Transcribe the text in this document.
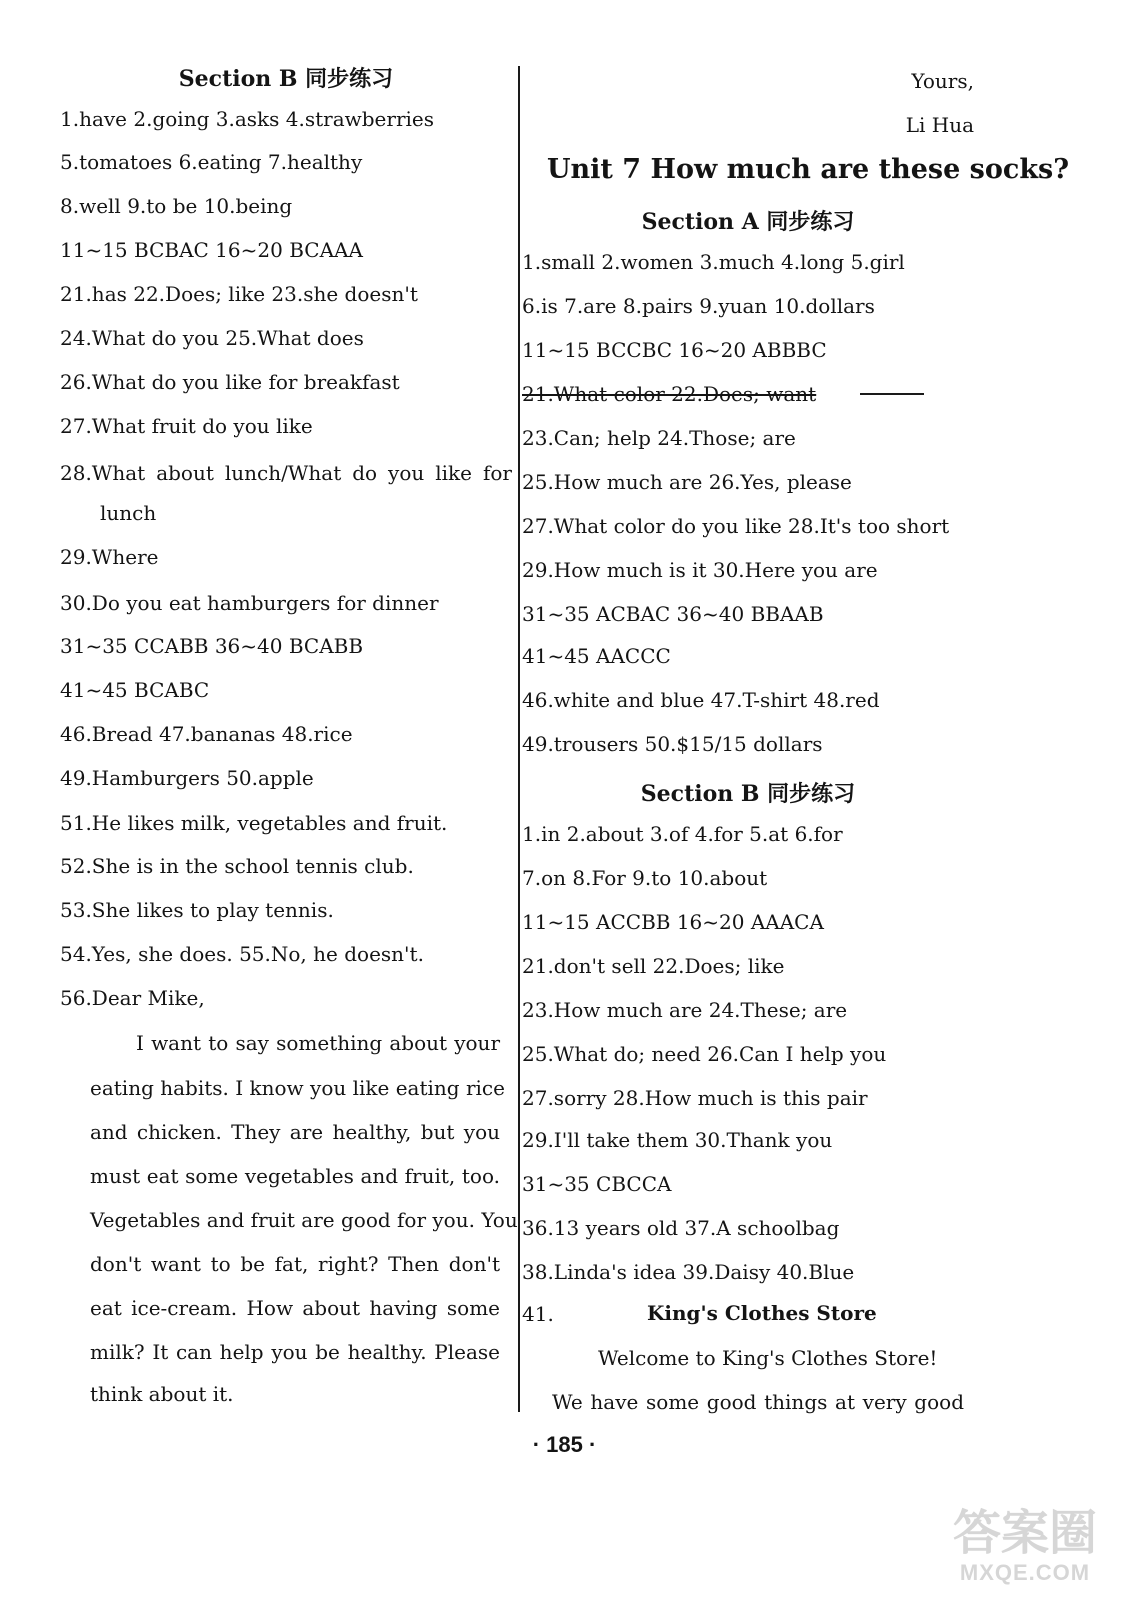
Section B 同步练习
1.have 2.going 3.asks 4.strawberries
5.tomatoes 6.eating 7.healthy
8.well 9.to be 10.being
11~15 BCBAC 16~20 BCAAA
21.has 22.Does; like 23.she doesn't
24.What do you 25.What does
26.What do you like for breakfast
27.What fruit do you like
28.What about lunch/What do you like for
lunch
29.Where
30.Do you eat hamburgers for dinner
31~35 CCABB 36~40 BCABB
41~45 BCABC
46.Bread 47.bananas 48.rice
49.Hamburgers 50.apple
51.He likes milk, vegetables and fruit.
52.She is in the school tennis club.
53.She likes to play tennis.
54.Yes, she does. 55.No, he doesn't.
56.Dear Mike,
I want to say something about your
eating habits. I know you like eating rice
and chicken. They are healthy, but you
must eat some vegetables and fruit, too.
Vegetables and fruit are good for you. You
don't want to be fat, right? Then don't
eat ice-cream. How about having some
milk? It can help you be healthy. Please
think about it.
Yours,
Li Hua
Unit 7 How much are these socks?
Section A 同步练习
1.small 2.women 3.much 4.long 5.girl
6.is 7.are 8.pairs 9.yuan 10.dollars
11~15 BCCBC 16~20 ABBBC
21.What color 22.Does; want
23.Can; help 24.Those; are
25.How much are 26.Yes, please
27.What color do you like 28.It's too short
29.How much is it 30.Here you are
31~35 ACBAC 36~40 BBAAB
41~45 AACCC
46.white and blue 47.T-shirt 48.red
49.trousers 50.$15/15 dollars
Section B 同步练习
1.in 2.about 3.of 4.for 5.at 6.for
7.on 8.For 9.to 10.about
11~15 ACCBB 16~20 AAACA
21.don't sell 22.Does; like
23.How much are 24.These; are
25.What do; need 26.Can I help you
27.sorry 28.How much is this pair
29.I'll take them 30.Thank you
31~35 CBCCA
36.13 years old 37.A schoolbag
38.Linda's idea 39.Daisy 40.Blue
41.	King's Clothes Store
Welcome to King's Clothes Store!
We have some good things at very good
· 185 ·
答案圈
MXQE.COM
